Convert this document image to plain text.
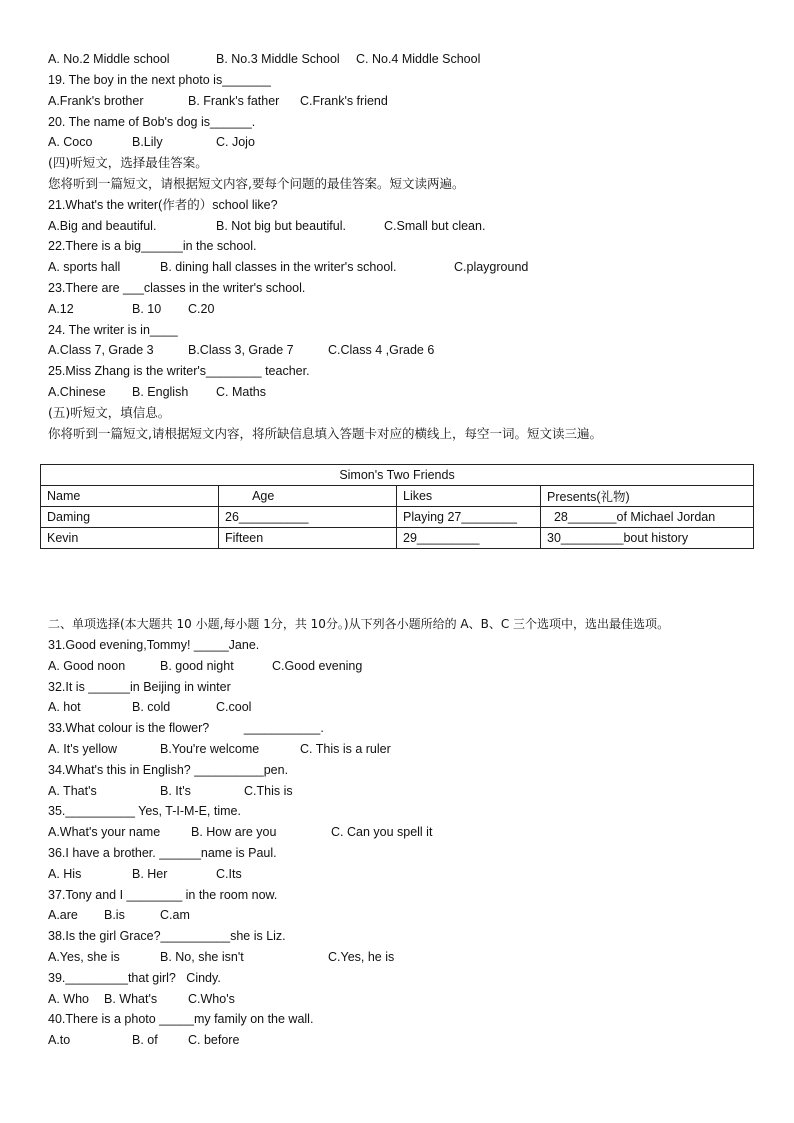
A. No.2 Middle school	B. No.3 Middle School C. No.4 Middle School
19. The boy in the next photo is_______
A.Frank's brother	B. Frank's father C.Frank's friend
20. The name of Bob's dog is______.
A. Coco	B.Lily	C. Jojo
(四)听短文，选择最佳答案。
您将听到一篇短文，请根据短文内容,要每个问题的最佳答案。短文读两遍。
21.What's the writer(作者的）school like?
A.Big and beautiful.	B. Not big but beautiful.	C.Small but clean.
22.There is a big______in the school.
A. sports hall	B. dining hall classes in the writer's school.	C.playground
23.There are ___classes in the writer's school.
A.12	B. 10 C.20
24. The writer is in____
A.Class 7, Grade 3	B.Class 3, Grade 7	C.Class 4 ,Grade 6
25.Miss Zhang is the writer's________ teacher.
A.Chinese B. English C. Maths
(五)听短文，填信息。
你将听到一篇短文,请根据短文内容，将所缺信息填入答题卡对应的横线上，每空一词。短文读三遍。
Simon's Two Friends			
Name	Age	Likes	Presents(礼物)
Daming	26__________	Playing 27________	28_______of Michael Jordan
Kevin	Fifteen	29_________	30_________bout history
二、单项选择(本大题共 10 小题,每小题 1分，共 10分。)从下列各小题所给的 A、B、C 三个选项中，选出最佳选项。
31.Good evening,Tommy! _____Jane.
A. Good noon	B. good night	C.Good evening
32.It is ______in Beijing in winter
A. hot	B. cold	C.cool
33.What colour is the flower?          ___________.
A. It's yellow	B.You're welcome	C. This is a ruler
34.What's this in English? __________pen.
A. That's	B. It's	C.This is
35.__________ Yes, T-I-M-E, time.
A.What's your name B. How are you	C. Can you spell it
36.I have a brother. ______name is Paul.
A. His	B. Her	C.Its
37.Tony and I ________ in the room now.
A.are B.is	C.am
38.Is the girl Grace?__________she is Liz.
A.Yes, she is	B. No, she isn't	C.Yes, he is
39._________that girl?   Cindy.
A. Who B. What's C.Who's
40.There is a photo _____my family on the wall.
A.to	B. of C. before
